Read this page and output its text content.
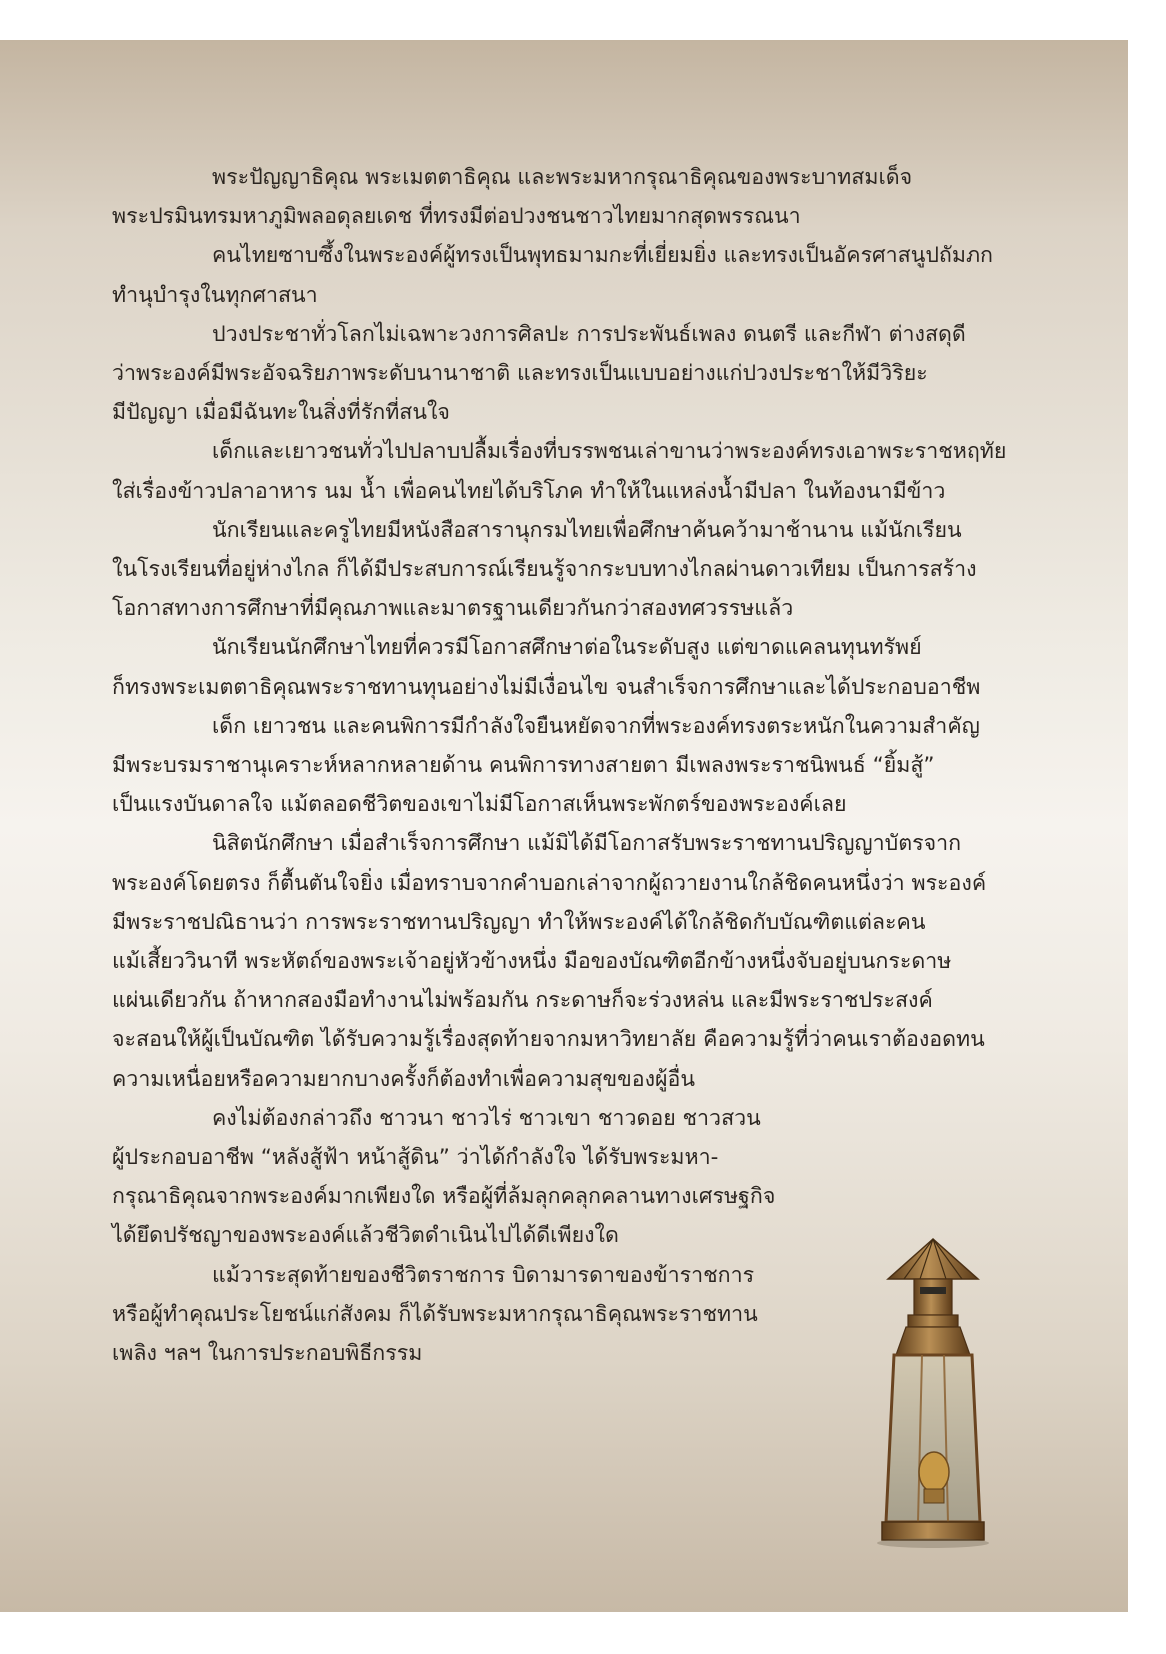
พระปัญญาธิคุณ พระเมตตาธิคุณ และพระมหากรุณาธิคุณของพระบาทสมเด็จ
พระปรมินทรมหาภูมิพลอดุลยเดช ที่ทรงมีต่อปวงชนชาวไทยมากสุดพรรณนา

คนไทยซาบซึ้งในพระองค์ผู้ทรงเป็นพุทธมามกะที่เยี่ยมยิ่ง และทรงเป็นอัครศาสนูปถัมภก
ทำนุบำรุงในทุกศาสนา

ปวงประชาทั่วโลกไม่เฉพาะวงการศิลปะ การประพันธ์เพลง ดนตรี และกีฬา ต่างสดุดี
ว่าพระองค์มีพระอัจฉริยภาพระดับนานาชาติ และทรงเป็นแบบอย่างแก่ปวงประชาให้มีวิริยะ
มีปัญญา เมื่อมีฉันทะในสิ่งที่รักที่สนใจ

เด็กและเยาวชนทั่วไปปลาบปลื้มเรื่องที่บรรพชนเล่าขานว่าพระองค์ทรงเอาพระราชหฤทัย
ใส่เรื่องข้าวปลาอาหาร นม น้ำ เพื่อคนไทยได้บริโภค ทำให้ในแหล่งน้ำมีปลา ในท้องนามีข้าว

นักเรียนและครูไทยมีหนังสือสารานุกรมไทยเพื่อศึกษาค้นคว้ามาช้านาน แม้นักเรียน
ในโรงเรียนที่อยู่ห่างไกล ก็ได้มีประสบการณ์เรียนรู้จากระบบทางไกลผ่านดาวเทียม เป็นการสร้าง
โอกาสทางการศึกษาที่มีคุณภาพและมาตรฐานเดียวกันกว่าสองทศวรรษแล้ว

นักเรียนนักศึกษาไทยที่ควรมีโอกาสศึกษาต่อในระดับสูง แต่ขาดแคลนทุนทรัพย์
ก็ทรงพระเมตตาธิคุณพระราชทานทุนอย่างไม่มีเงื่อนไข จนสำเร็จการศึกษาและได้ประกอบอาชีพ

เด็ก เยาวชน และคนพิการมีกำลังใจยืนหยัดจากที่พระองค์ทรงตระหนักในความสำคัญ
มีพระบรมราชานุเคราะห์หลากหลายด้าน คนพิการทางสายตา มีเพลงพระราชนิพนธ์ “ยิ้มสู้”
เป็นแรงบันดาลใจ แม้ตลอดชีวิตของเขาไม่มีโอกาสเห็นพระพักตร์ของพระองค์เลย

นิสิตนักศึกษา เมื่อสำเร็จการศึกษา แม้มิได้มีโอกาสรับพระราชทานปริญญาบัตรจาก
พระองค์โดยตรง ก็ตื้นตันใจยิ่ง เมื่อทราบจากคำบอกเล่าจากผู้ถวายงานใกล้ชิดคนหนึ่งว่า พระองค์
มีพระราชปณิธานว่า การพระราชทานปริญญา ทำให้พระองค์ได้ใกล้ชิดกับบัณฑิตแต่ละคน
แม้เสี้ยววินาที พระหัตถ์ของพระเจ้าอยู่หัวข้างหนึ่ง มือของบัณฑิตอีกข้างหนึ่งจับอยู่บนกระดาษ
แผ่นเดียวกัน ถ้าหากสองมือทำงานไม่พร้อมกัน กระดาษก็จะร่วงหล่น และมีพระราชประสงค์
จะสอนให้ผู้เป็นบัณฑิต ได้รับความรู้เรื่องสุดท้ายจากมหาวิทยาลัย คือความรู้ที่ว่าคนเราต้องอดทน
ความเหนื่อยหรือความยากบางครั้งก็ต้องทำเพื่อความสุขของผู้อื่น

คงไม่ต้องกล่าวถึง ชาวนา ชาวไร่ ชาวเขา ชาวดอย ชาวสวน
ผู้ประกอบอาชีพ “หลังสู้ฟ้า หน้าสู้ดิน” ว่าได้กำลังใจ ได้รับพระมหา-
กรุณาธิคุณจากพระองค์มากเพียงใด หรือผู้ที่ล้มลุกคลุกคลานทางเศรษฐกิจ
ได้ยึดปรัชญาของพระองค์แล้วชีวิตดำเนินไปได้ดีเพียงใด

แม้วาระสุดท้ายของชีวิตราชการ บิดามารดาของข้าราชการ
หรือผู้ทำคุณประโยชน์แก่สังคม ก็ได้รับพระมหากรุณาธิคุณพระราชทาน
เพลิง ฯลฯ ในการประกอบพิธีกรรม
